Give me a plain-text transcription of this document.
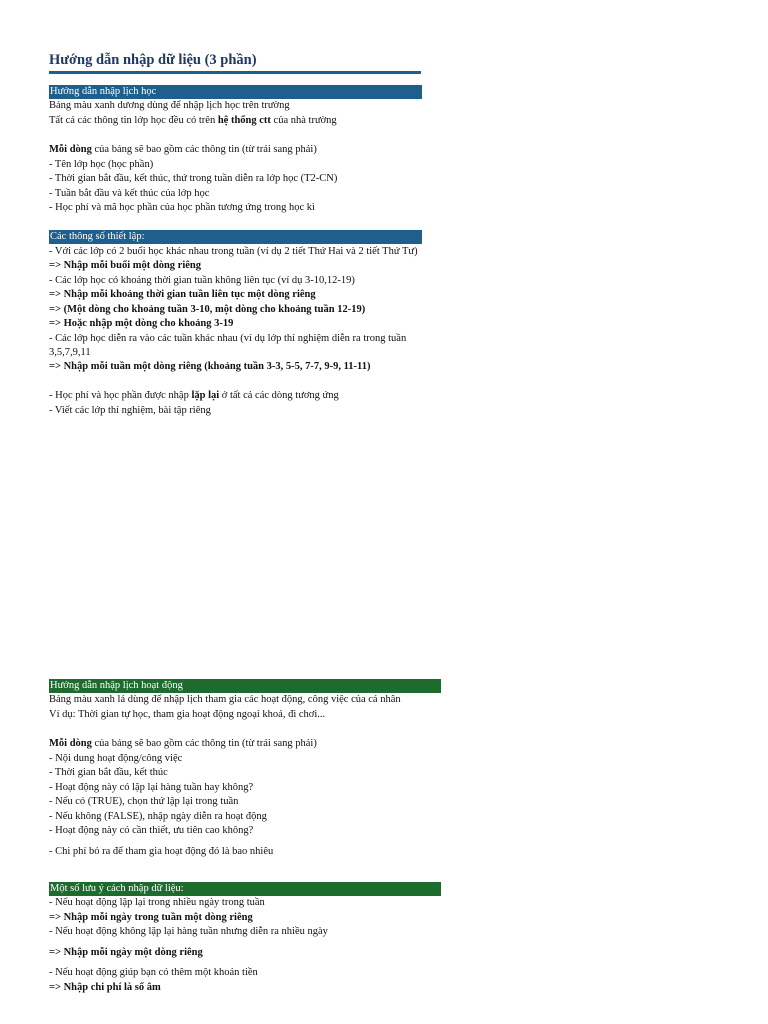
Hướng dẫn nhập dữ liệu (3 phần)
Hướng dẫn nhập lịch học
Bảng màu xanh dương dùng để nhập lịch học trên trường
Tất cả các thông tin lớp học đều có trên hệ thống ctt của nhà trường
Mỗi dòng của bảng sẽ bao gồm các thông tin (từ trái sang phải)
- Tên lớp học (học phần)
- Thời gian bắt đầu, kết thúc, thứ trong tuần diễn ra lớp học (T2-CN)
- Tuần bắt đầu và kết thúc của lớp học
- Học phí và mã học phần của học phần tương ứng trong học kì
Các thông số thiết lập:
- Với các lớp có 2 buổi học khác nhau trong tuần (ví dụ 2 tiết Thứ Hai và 2 tiết Thứ Tư)
=> Nhập mỗi buổi một dòng riêng
- Các lớp học có khoảng thời gian tuần không liên tục (ví dụ 3-10,12-19)
=> Nhập mỗi khoảng thời gian tuần liên tục một dòng riêng
=> (Một dòng cho khoảng tuần 3-10, một dòng cho khoảng tuần 12-19)
=> Hoặc nhập một dòng cho khoảng 3-19
- Các lớp học diễn ra vào các tuần khác nhau (ví dụ lớp thí nghiệm diễn ra trong tuần 3,5,7,9,11
=> Nhập mỗi tuần một dòng riêng (khoảng tuần 3-3, 5-5, 7-7, 9-9, 11-11)
- Học phí và học phần được nhập lặp lại ở tất cả các dòng tương ứng
- Viết các lớp thí nghiệm, bài tập riêng
Hướng dẫn nhập lịch hoạt động
Bảng màu xanh lá dùng để nhập lịch tham gia các hoạt động, công việc của cá nhân
Ví dụ: Thời gian tự học, tham gia hoạt động ngoại khoá, đi chơi...
Mỗi dòng của bảng sẽ bao gồm các thông tin (từ trái sang phải)
- Nội dung hoạt động/công việc
- Thời gian bắt đầu, kết thúc
- Hoạt động này có lặp lại hàng tuần hay không?
- Nếu có (TRUE), chọn thứ lặp lại trong tuần
- Nếu không (FALSE), nhập ngày diễn ra hoạt động
- Hoạt động này có cần thiết, ưu tiên cao không?
- Chi phí bỏ ra để tham gia hoạt động đó là bao nhiêu
Một số lưu ý cách nhập dữ liệu:
- Nếu hoạt động lặp lại trong nhiều ngày trong tuần
=> Nhập mỗi ngày trong tuần một dòng riêng
- Nếu hoạt động không lặp lại hàng tuần nhưng diễn ra nhiều ngày
=> Nhập mỗi ngày một dòng riêng
- Nếu hoạt động giúp bạn có thêm một khoản tiền
=> Nhập chi phí là số âm
